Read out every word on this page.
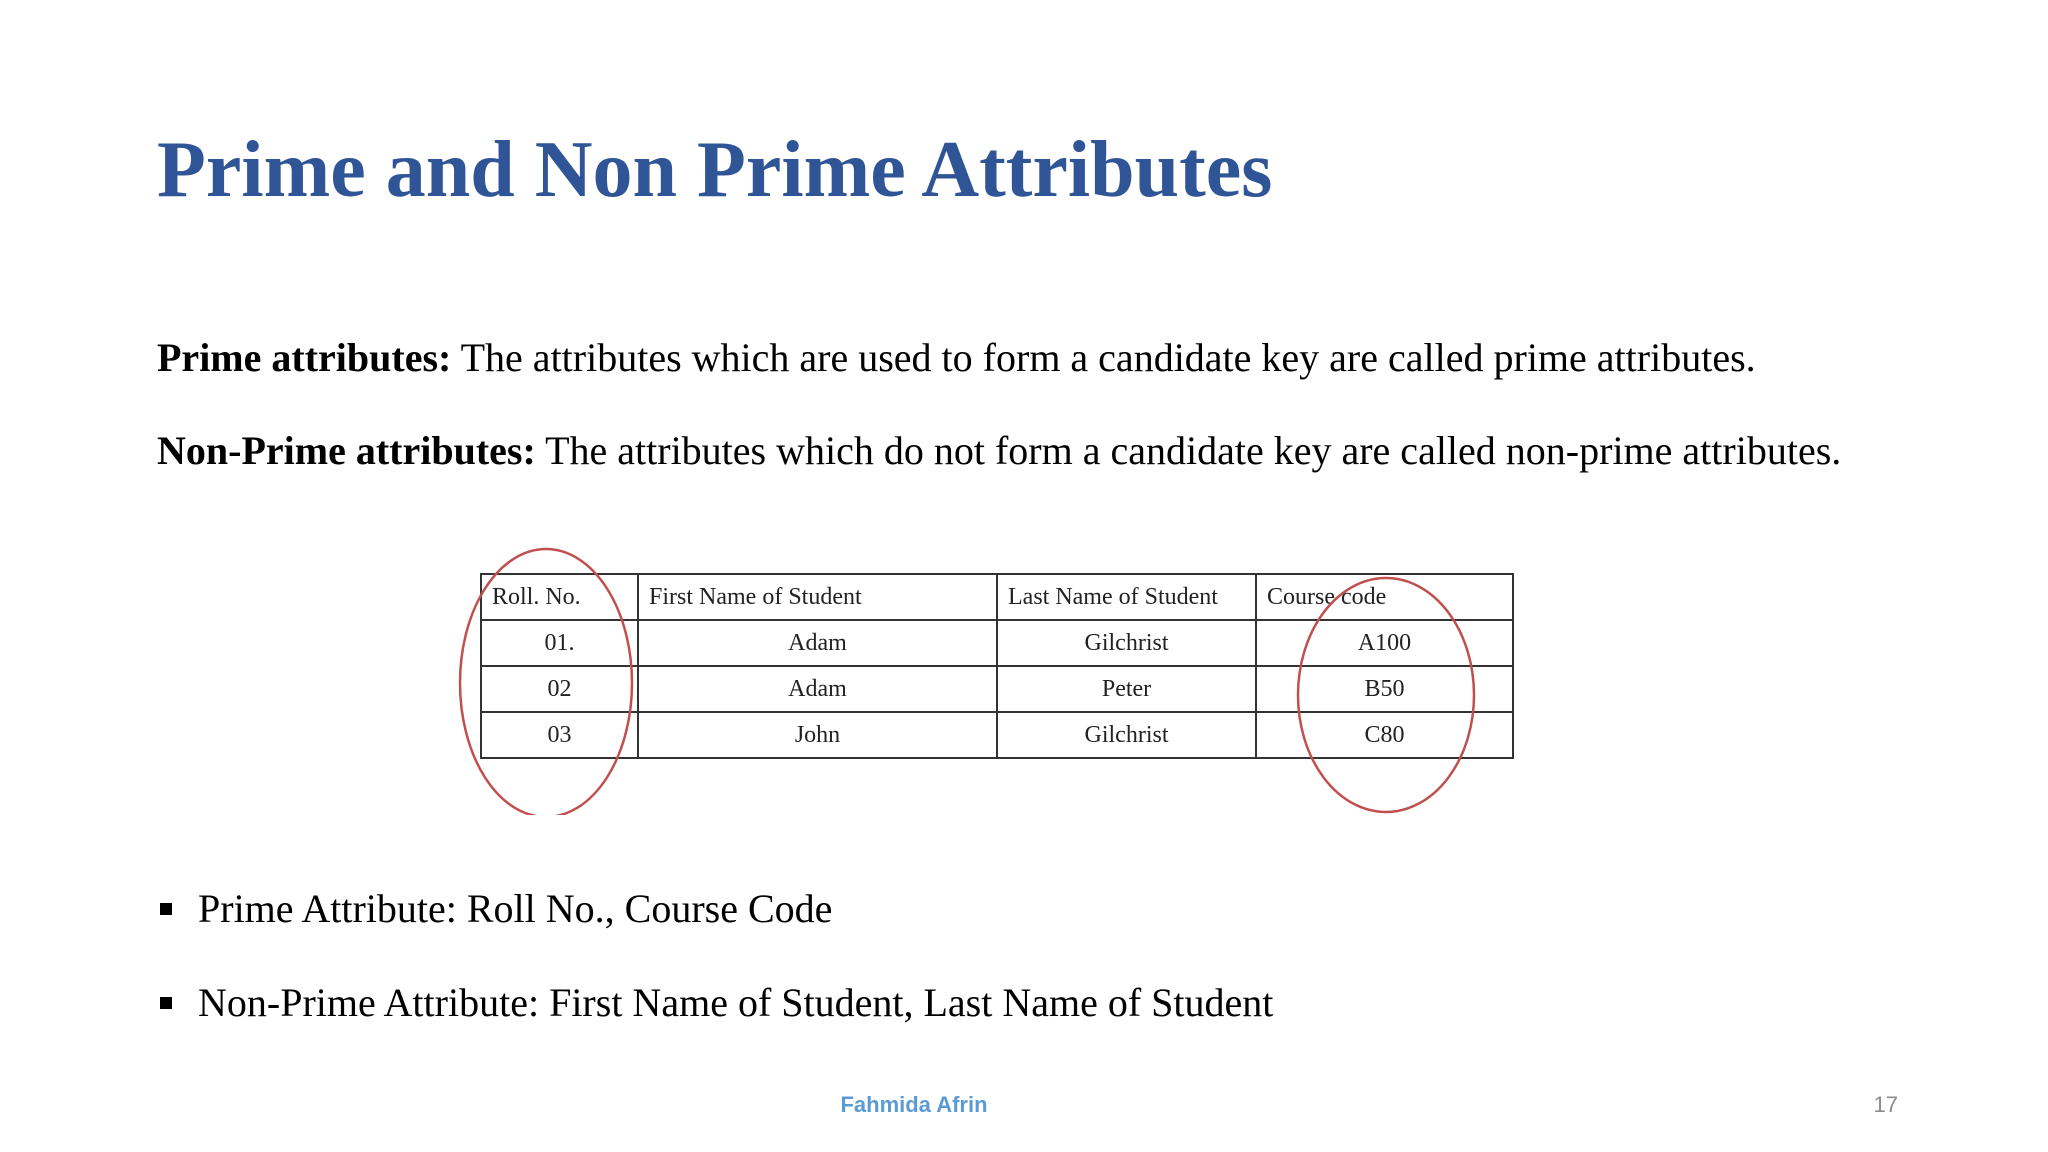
Prime and Non Prime Attributes
Prime attributes: The attributes which are used to form a candidate key are called prime attributes.
Non-Prime attributes: The attributes which do not form a candidate key are called non-prime attributes.
Roll. No.	First Name of Student	Last Name of Student	Course code
01.	Adam	Gilchrist	A100
02	Adam	Peter	B50
03	John	Gilchrist	C80
Prime Attribute: Roll No., Course Code
Non-Prime Attribute: First Name of Student, Last Name of Student
Fahmida Afrin	17
